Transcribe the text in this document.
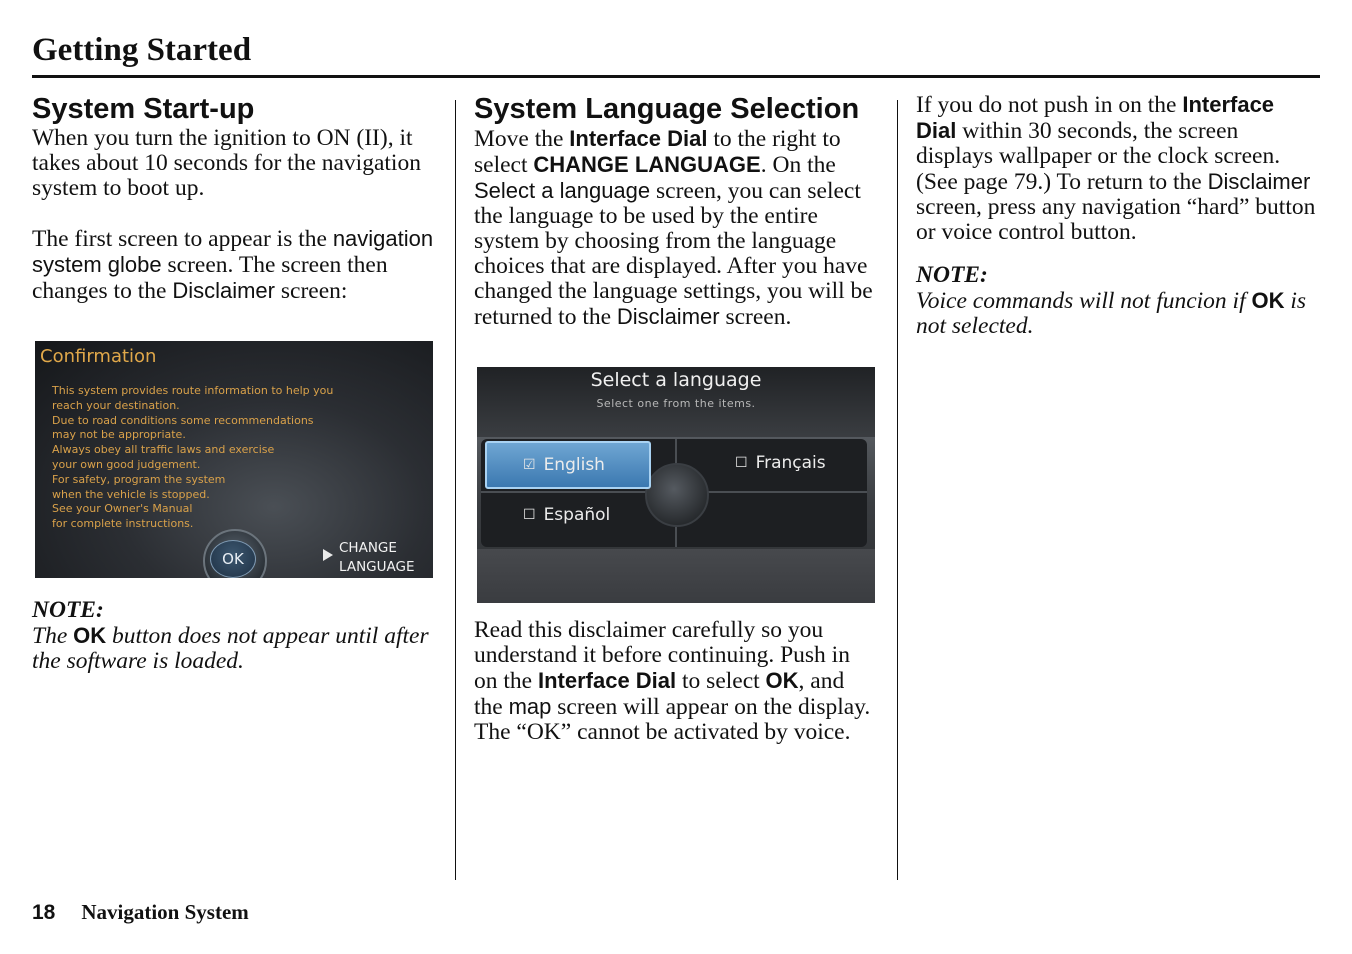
Getting Started
System Start-up

When you turn the ignition to ON (II), it takes about 10 seconds for the navigation system to boot up.

The first screen to appear is the navigation system globe screen. The screen then changes to the Disclaimer screen:

Confirmation
This system provides route information to help you
reach your destination.
Due to road conditions some recommendations
may not be appropriate.
Always obey all traffic laws and exercise
your own good judgement.
For safety, program the system
when the vehicle is stopped.
See your Owner's Manual
for complete instructions.
OK
CHANGE
LANGUAGE

NOTE:

The OK button does not appear until after the software is loaded.

System Language Selection

Move the Interface Dial to the right to select CHANGE LANGUAGE. On the Select a language screen, you can select the language to be used by the entire system by choosing from the language choices that are displayed. After you have changed the language settings, you will be returned to the Disclaimer screen.

Select a language
Select one from the items.
☑ English	☐ Français
☐ Español

Read this disclaimer carefully so you understand it before continuing. Push in on the Interface Dial to select OK, and the map screen will appear on the display. The “OK” cannot be activated by voice.

If you do not push in on the Interface Dial within 30 seconds, the screen displays wallpaper or the clock screen. (See page 79.) To return to the Disclaimer screen, press any navigation “hard” button or voice control button.

NOTE:

Voice commands will not funcion if OK is not selected.

18 Navigation System
